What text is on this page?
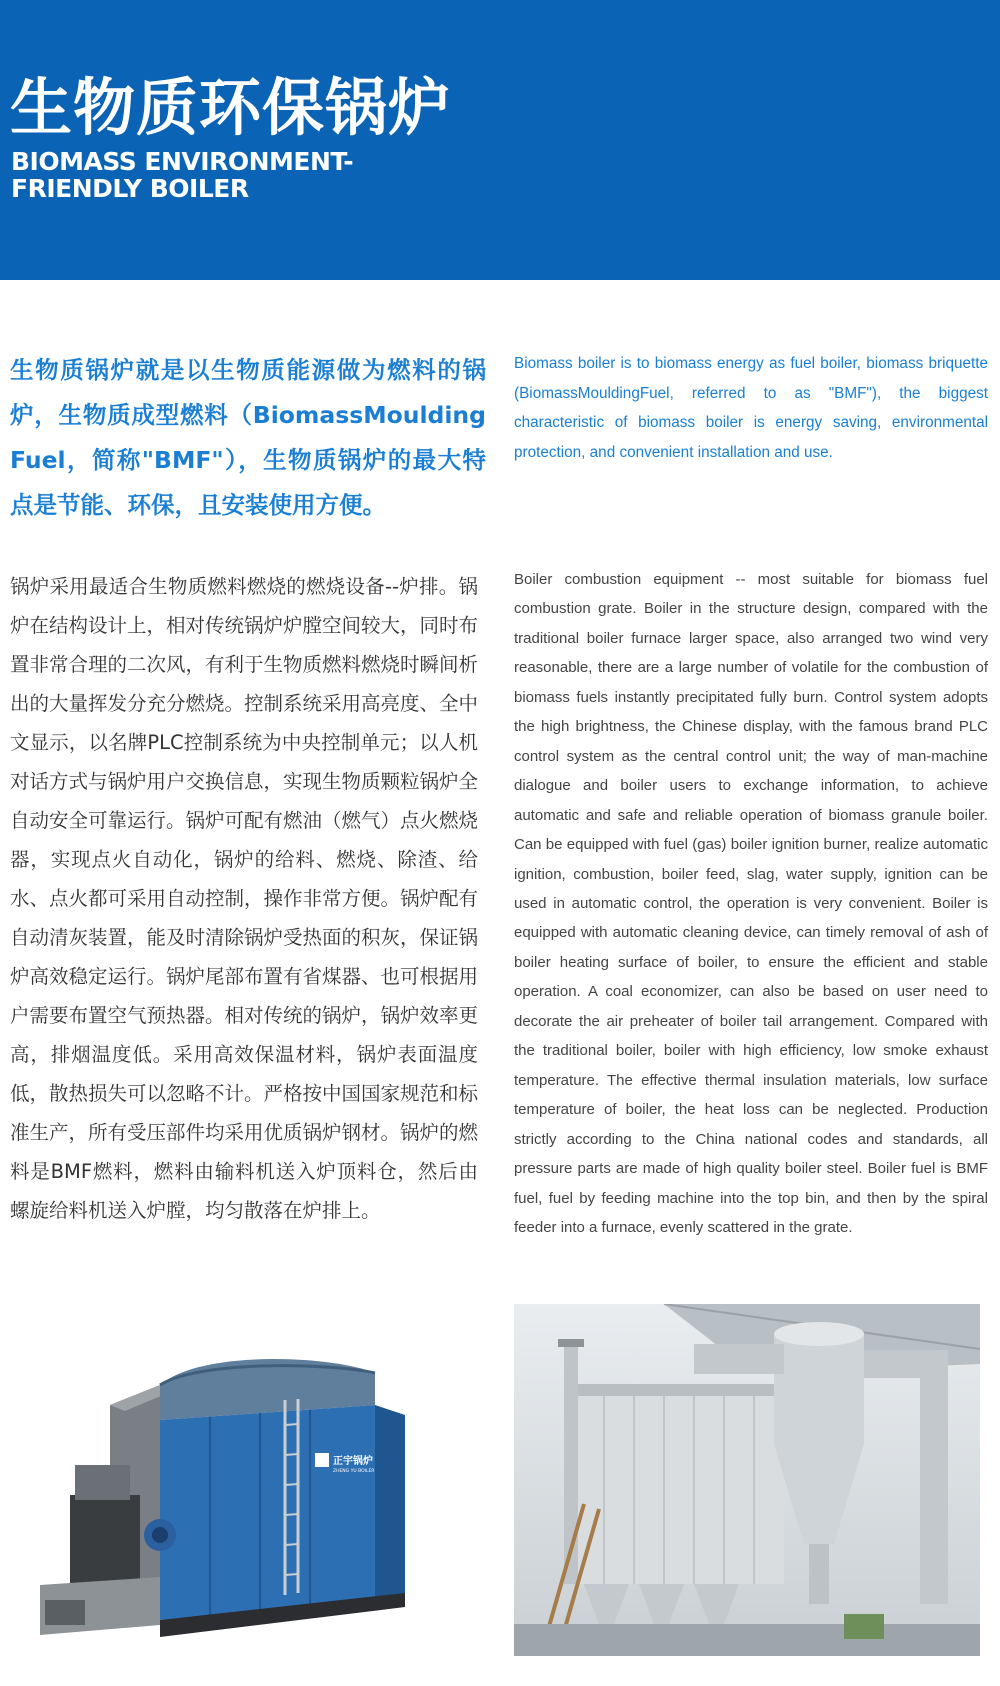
生物质环保锅炉
BIOMASS ENVIRONMENT-
FRIENDLY BOILER

生物质锅炉就是以生物质能源做为燃料的锅炉，生物质成型燃料（BiomassMoulding Fuel，简称"BMF"），生物质锅炉的最大特点是节能、环保，且安装使用方便。

Biomass boiler is to biomass energy as fuel boiler, biomass briquette (BiomassMouldingFuel, referred to as "BMF"), the biggest characteristic of biomass boiler is energy saving, environmental protection, and convenient installation and use.

锅炉采用最适合生物质燃料燃烧的燃烧设备--炉排。锅炉在结构设计上，相对传统锅炉炉膛空间较大，同时布置非常合理的二次风，有利于生物质燃料燃烧时瞬间析出的大量挥发分充分燃烧。控制系统采用高亮度、全中文显示，以名牌PLC控制系统为中央控制单元；以人机对话方式与锅炉用户交换信息，实现生物质颗粒锅炉全自动安全可靠运行。锅炉可配有燃油（燃气）点火燃烧器，实现点火自动化，锅炉的给料、燃烧、除渣、给水、点火都可采用自动控制，操作非常方便。锅炉配有自动清灰装置，能及时清除锅炉受热面的积灰，保证锅炉高效稳定运行。锅炉尾部布置有省煤器、也可根据用户需要布置空气预热器。相对传统的锅炉，锅炉效率更高，排烟温度低。采用高效保温材料，锅炉表面温度低，散热损失可以忽略不计。严格按中国国家规范和标准生产，所有受压部件均采用优质锅炉钢材。锅炉的燃料是BMF燃料，燃料由输料机送入炉顶料仓，然后由螺旋给料机送入炉膛，均匀散落在炉排上。

Boiler combustion equipment -- most suitable for biomass fuel combustion grate. Boiler in the structure design, compared with the traditional boiler furnace larger space, also arranged two wind very reasonable, there are a large number of volatile for the combustion of biomass fuels instantly precipitated fully burn. Control system adopts the high brightness, the Chinese display, with the famous brand PLC control system as the central control unit; the way of man-machine dialogue and boiler users to exchange information, to achieve automatic and safe and reliable operation of biomass granule boiler. Can be equipped with fuel (gas) boiler ignition burner, realize automatic ignition, combustion, boiler feed, slag, water supply, ignition can be used in automatic control, the operation is very convenient. Boiler is equipped with automatic cleaning device, can timely removal of ash of boiler heating surface of boiler, to ensure the efficient and stable operation. A coal economizer, can also be based on user need to decorate the air preheater of boiler tail arrangement. Compared with the traditional boiler, boiler with high efficiency, low smoke exhaust temperature. The effective thermal insulation materials, low surface temperature of boiler, the heat loss can be neglected. Production strictly according to the China national codes and standards, all pressure parts are made of high quality boiler steel. Boiler fuel is BMF fuel, fuel by feeding machine into the top bin, and then by the spiral feeder into a furnace, evenly scattered in the grate.

正宇锅炉
ZHENG YU BOILER
